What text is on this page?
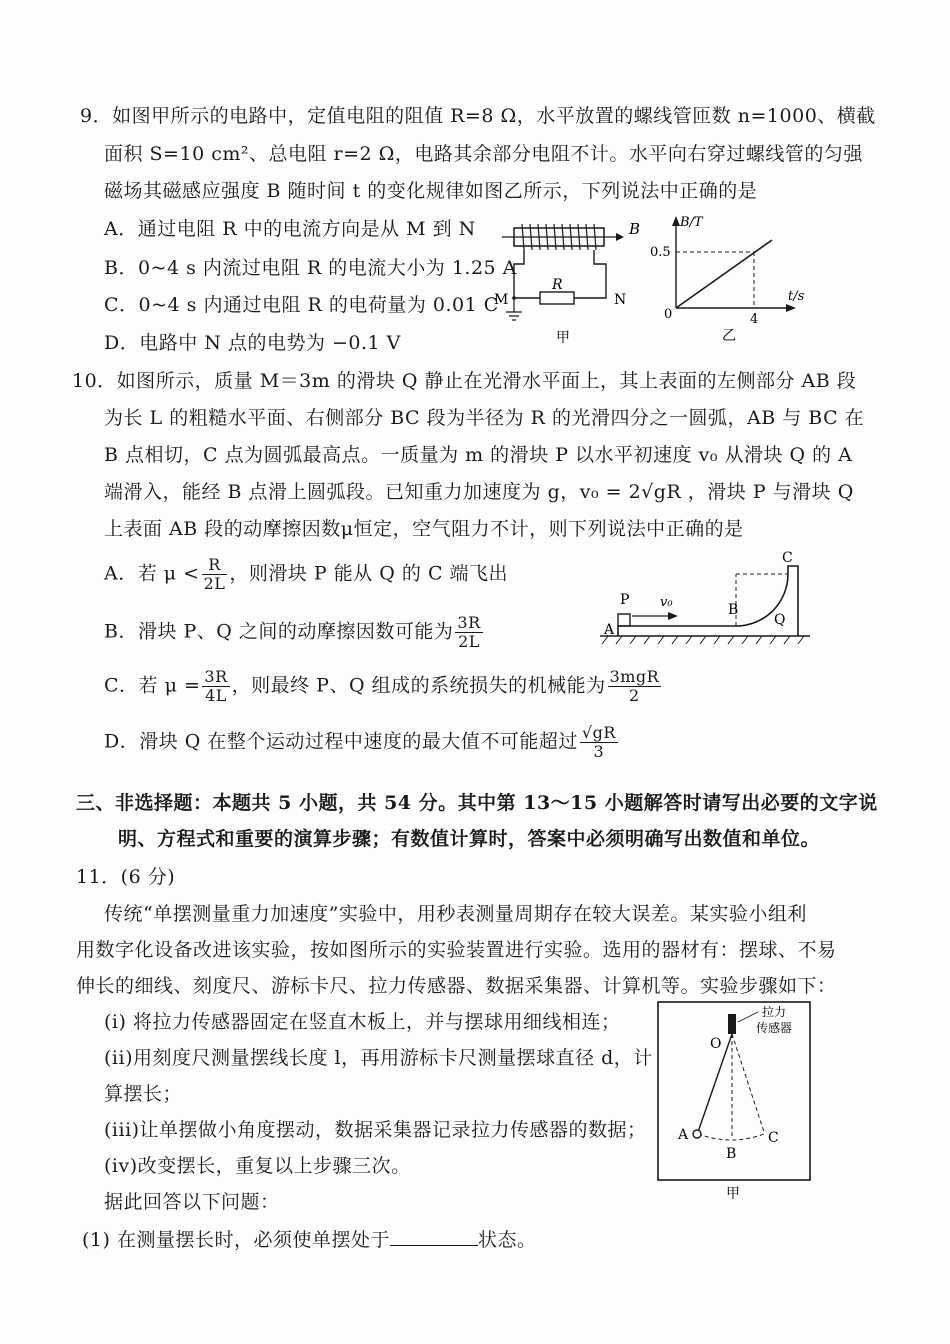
9．如图甲所示的电路中，定值电阻的阻值 R=8 Ω，水平放置的螺线管匝数 n=1000、横截
面积 S=10 cm²、总电阻 r=2 Ω，电路其余部分电阻不计。水平向右穿过螺线管的匀强
磁场其磁感应强度 B 随时间 t 的变化规律如图乙所示，下列说法中正确的是
A．通过电阻 R 中的电流方向是从 M 到 N
B．0~4 s 内流过电阻 R 的电流大小为 1.25 A
C．0~4 s 内通过电阻 R 的电荷量为 0.01 C
D．电路中 N 点的电势为 −0.1 V
B
R
M	N
甲
B/T
t/s
0.5
4
0
乙
10．如图所示，质量 M＝3m 的滑块 Q 静止在光滑水平面上，其上表面的左侧部分 AB 段
为长 L 的粗糙水平面、右侧部分 BC 段为半径为 R 的光滑四分之一圆弧，AB 与 BC 在
B 点相切，C 点为圆弧最高点。一质量为 m 的滑块 P 以水平初速度 v₀ 从滑块 Q 的 A
端滑入，能经 B 点滑上圆弧段。已知重力加速度为 g，v₀ = 2√gR ，滑块 P 与滑块 Q
上表面 AB 段的动摩擦因数μ恒定，空气阻力不计，则下列说法中正确的是
A．若 $\mu < \frac{R}{2L}$ ，则滑块 P 能从 Q 的 C 端飞出
B．滑块 P、Q 之间的动摩擦因数可能为 $\frac{3R}{2L}$
C．若 $\mu = \frac{3R}{4L}$ ，则最终 P、Q 组成的系统损失的机械能为 $\frac{\text{3mgR}}{2}$
D．滑块 Q 在整个运动过程中速度的最大值不可能超过 $\frac{√gR}{3}$
P v₀
A
B
C
Q
三、非选择题：本题共 5 小题，共 54 分。其中第 13～15 小题解答时请写出必要的文字说
明、方程式和重要的演算步骤；有数值计算时，答案中必须明确写出数值和单位。
11．(6 分)
传统“单摆测量重力加速度”实验中，用秒表测量周期存在较大误差。某实验小组利
用数字化设备改进该实验，按如图所示的实验装置进行实验。选用的器材有：摆球、不易
伸长的细线、刻度尺、游标卡尺、拉力传感器、数据采集器、计算机等。实验步骤如下：
(i) 将拉力传感器固定在竖直木板上，并与摆球用细线相连；
(ii)用刻度尺测量摆线长度 l，再用游标卡尺测量摆球直径 d，计
算摆长；
(iii)让单摆做小角度摆动，数据采集器记录拉力传感器的数据；
(iv)改变摆长，重复以上步骤三次。
据此回答以下问题：
(1) 在测量摆长时，必须使单摆处于	状态。
拉力
传感器
O
A
B
C
甲
